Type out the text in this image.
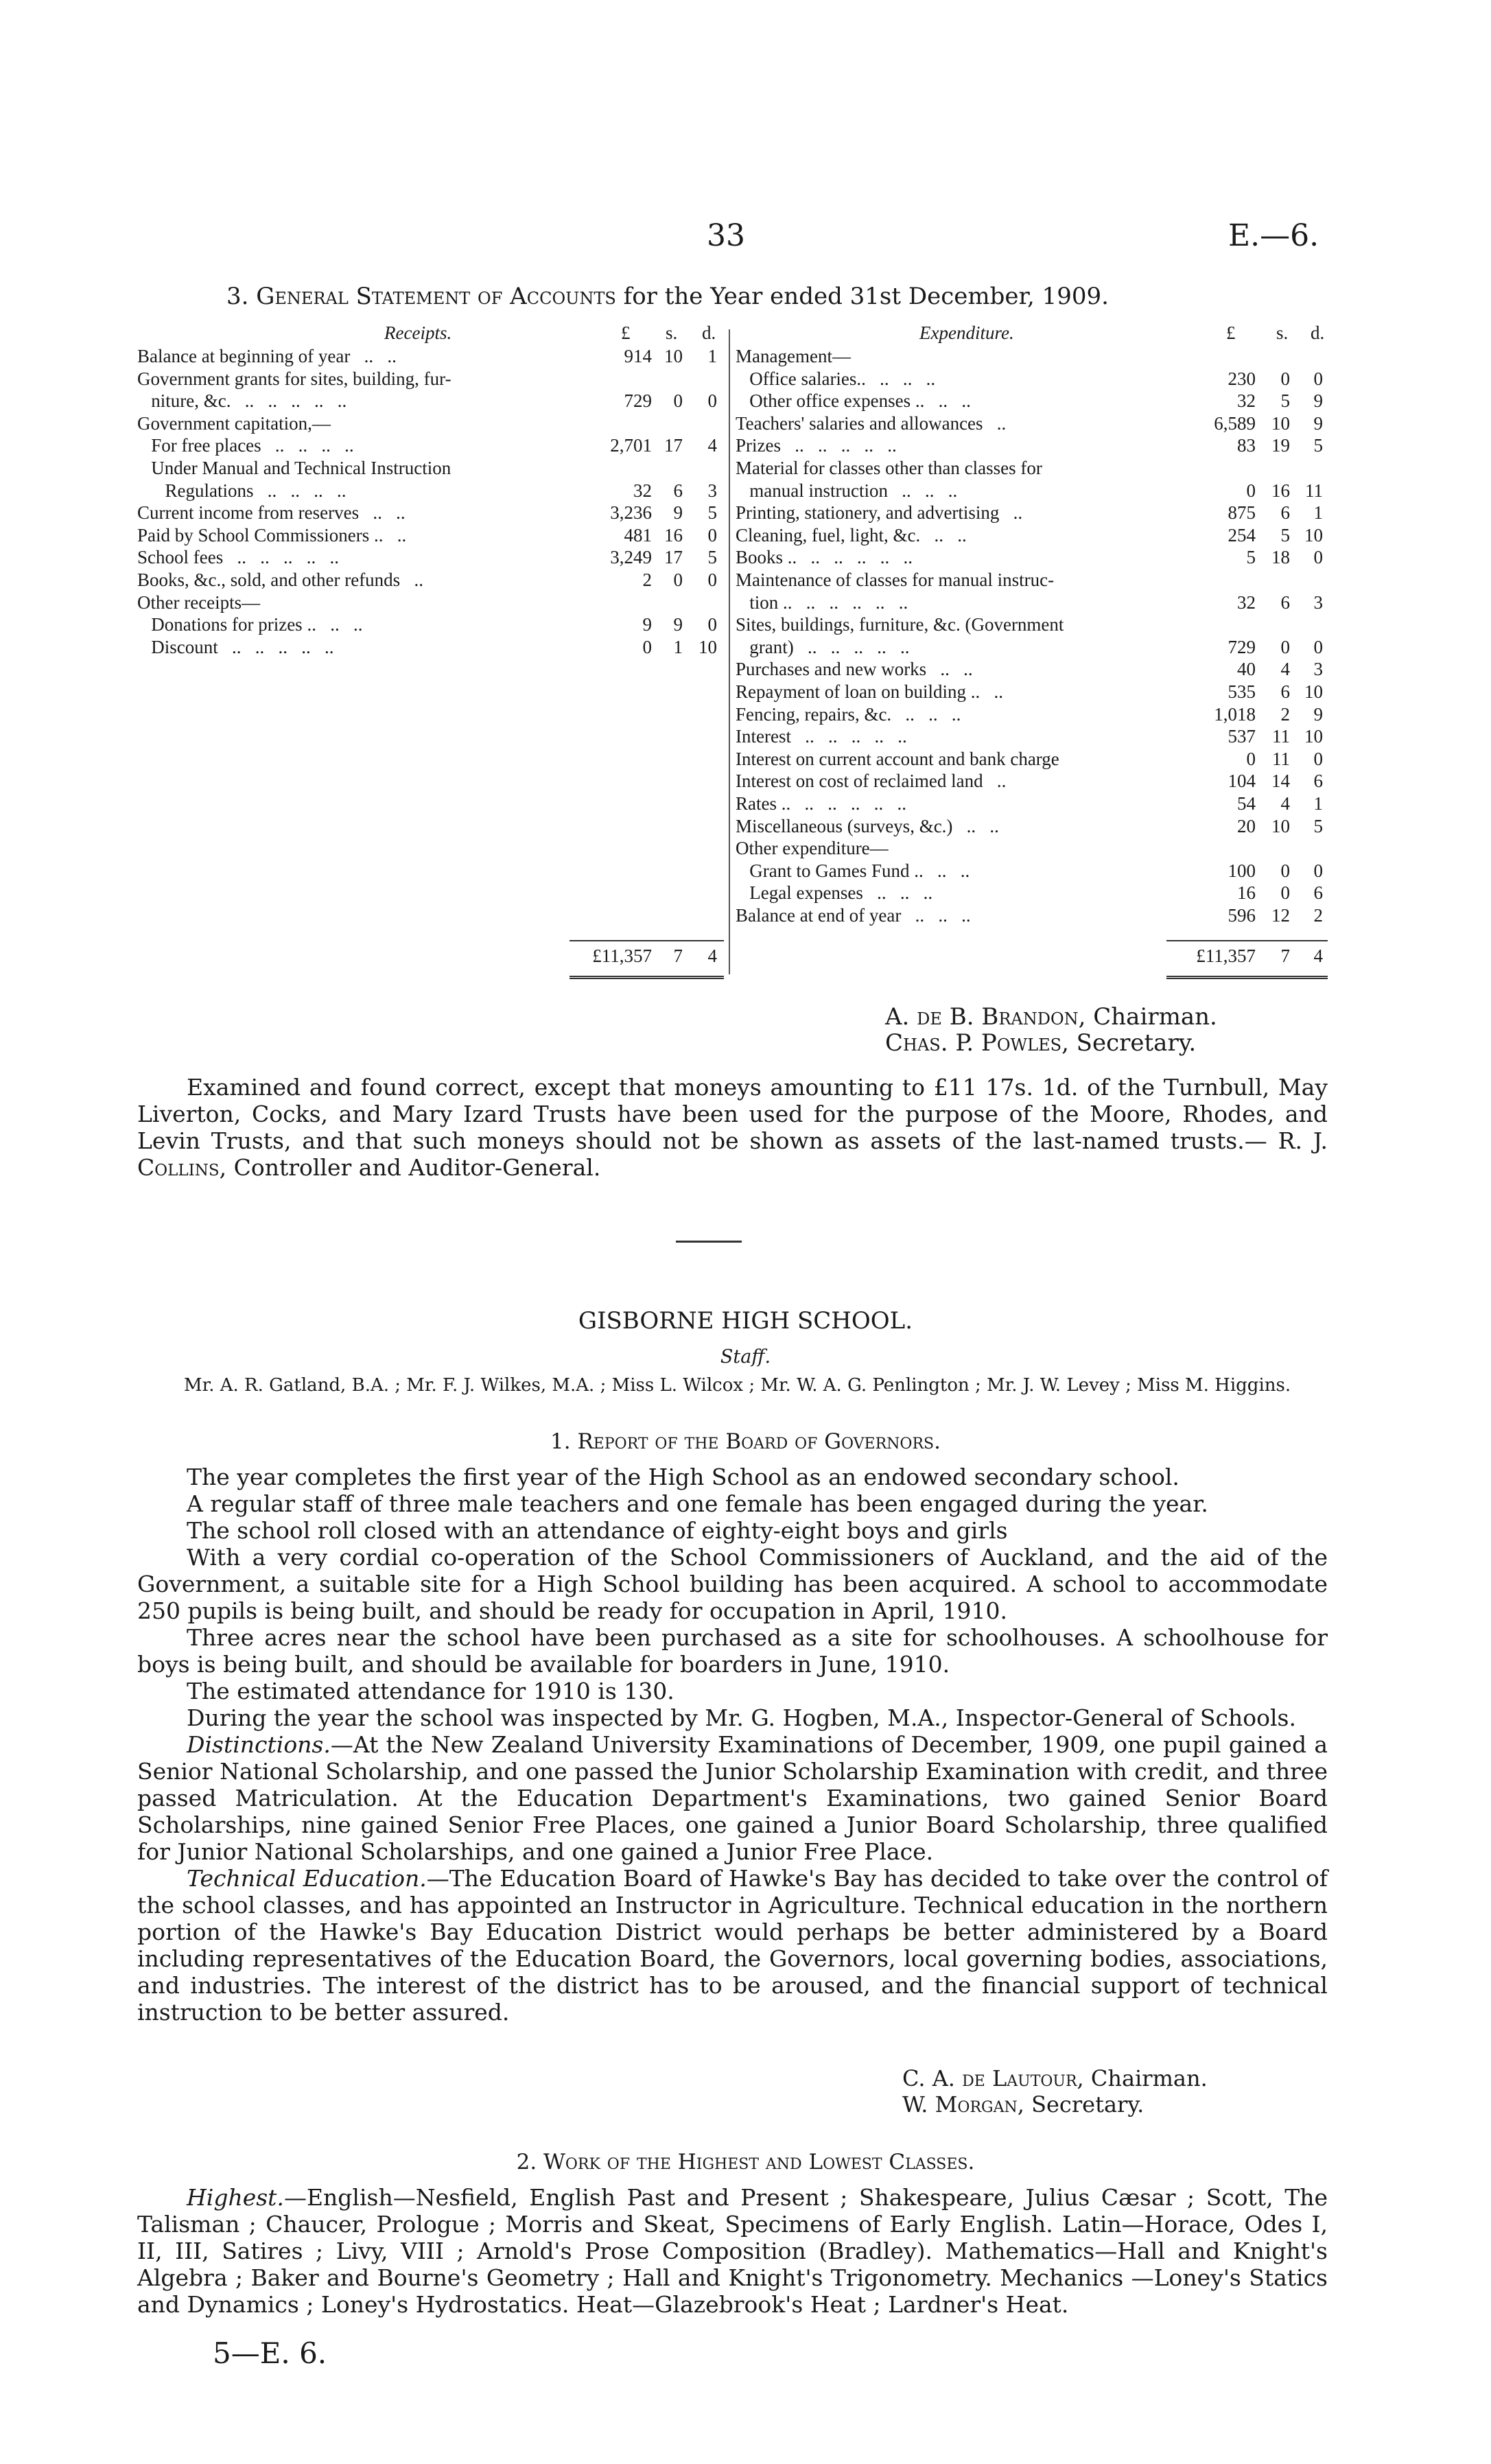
33	E.—6.
3. General Statement of Accounts for the Year ended 31st December, 1909.
Receipts.	£ s. d.	Expenditure.	£ s. d.
Balance at beginning of year   ..   ..	914 10	1
Government grants for sites, building, fur-
niture, &c.   ..   ..   ..   ..   ..	729	0	0
Government capitation,—
For free places   ..   ..   ..   ..	2,701 17	4
Under Manual and Technical Instruction
Regulations   ..   ..   ..   ..	32	6	3
Current income from reserves   ..   ..	3,236	9	5
Paid by School Commissioners ..   ..	481 16	0
School fees   ..   ..   ..   ..   ..	3,249 17	5
Books, &c., sold, and other refunds   ..	2	0	0
Other receipts—
Donations for prizes ..   ..   ..	9	9	0
Discount   ..   ..   ..   ..   ..	0	1 10
Management—
Office salaries..   ..   ..   ..	230	0	0
Other office expenses ..   ..   ..	32	5	9
Teachers' salaries and allowances   ..	6,589 10	9
Prizes   ..   ..   ..   ..   ..	83 19	5
Material for classes other than classes for
manual instruction   ..   ..   ..	0 16 11
Printing, stationery, and advertising   ..	875	6	1
Cleaning, fuel, light, &c.   ..   ..	254	5 10
Books ..   ..   ..   ..   ..   ..	5 18	0
Maintenance of classes for manual instruc-
tion ..   ..   ..   ..   ..   ..	32	6	3
Sites, buildings, furniture, &c. (Government
grant)   ..   ..   ..   ..   ..	729	0	0
Purchases and new works   ..   ..	40	4	3
Repayment of loan on building ..   ..	535	6 10
Fencing, repairs, &c.   ..   ..   ..	1,018	2	9
Interest   ..   ..   ..   ..   ..	537 11 10
Interest on current account and bank charge	0 11	0
Interest on cost of reclaimed land   ..	104 14	6
Rates ..   ..   ..   ..   ..   ..	54	4	1
Miscellaneous (surveys, &c.)   ..   ..	20 10	5
Other expenditure—
Grant to Games Fund ..   ..   ..	100	0	0
Legal expenses   ..   ..   ..	16	0	6
Balance at end of year   ..   ..   ..	596 12	2
£11,357	7	4	£11,357	7	4
A. de B. Brandon, Chairman.
Chas. P. Powles, Secretary.

Examined and found correct, except that moneys amounting to £11 17s. 1d. of the Turnbull, May Liverton, Cocks, and Mary Izard Trusts have been used for the purpose of the Moore, Rhodes, and Levin Trusts, and that such moneys should not be shown as assets of the last-named trusts.— R. J. Collins, Controller and Auditor-General.

GISBORNE HIGH SCHOOL.
Staff.

Mr. A. R. Gatland, B.A. ; Mr. F. J. Wilkes, M.A. ; Miss L. Wilcox ; Mr. W. A. G. Penlington ; Mr. J. W. Levey ; Miss M. Higgins.

1. Report of the Board of Governors.

The year completes the first year of the High School as an endowed secondary school.

A regular staff of three male teachers and one female has been engaged during the year.

The school roll closed with an attendance of eighty-eight boys and girls

With a very cordial co-operation of the School Commissioners of Auckland, and the aid of the Government, a suitable site for a High School building has been acquired. A school to accommodate 250 pupils is being built, and should be ready for occupation in April, 1910.

Three acres near the school have been purchased as a site for schoolhouses. A schoolhouse for boys is being built, and should be available for boarders in June, 1910.

The estimated attendance for 1910 is 130.

During the year the school was inspected by Mr. G. Hogben, M.A., Inspector-General of Schools.

Distinctions.—At the New Zealand University Examinations of December, 1909, one pupil gained a Senior National Scholarship, and one passed the Junior Scholarship Examination with credit, and three passed Matriculation. At the Education Department's Examinations, two gained Senior Board Scholarships, nine gained Senior Free Places, one gained a Junior Board Scholarship, three qualified for Junior National Scholarships, and one gained a Junior Free Place.

Technical Education.—The Education Board of Hawke's Bay has decided to take over the control of the school classes, and has appointed an Instructor in Agriculture. Technical education in the northern portion of the Hawke's Bay Education District would perhaps be better administered by a Board including representatives of the Education Board, the Governors, local governing bodies, associations, and industries. The interest of the district has to be aroused, and the financial support of technical instruction to be better assured.

C. A. de Lautour, Chairman.
W. Morgan, Secretary.
2. Work of the Highest and Lowest Classes.

Highest.—English—Nesfield, English Past and Present ; Shakespeare, Julius Cæsar ; Scott, The Talisman ; Chaucer, Prologue ; Morris and Skeat, Specimens of Early English. Latin—Horace, Odes I, II, III, Satires ; Livy, VIII ; Arnold's Prose Composition (Bradley). Mathematics—Hall and Knight's Algebra ; Baker and Bourne's Geometry ; Hall and Knight's Trigonometry. Mechanics —Loney's Statics and Dynamics ; Loney's Hydrostatics. Heat—Glazebrook's Heat ; Lardner's Heat.

5—E. 6.
